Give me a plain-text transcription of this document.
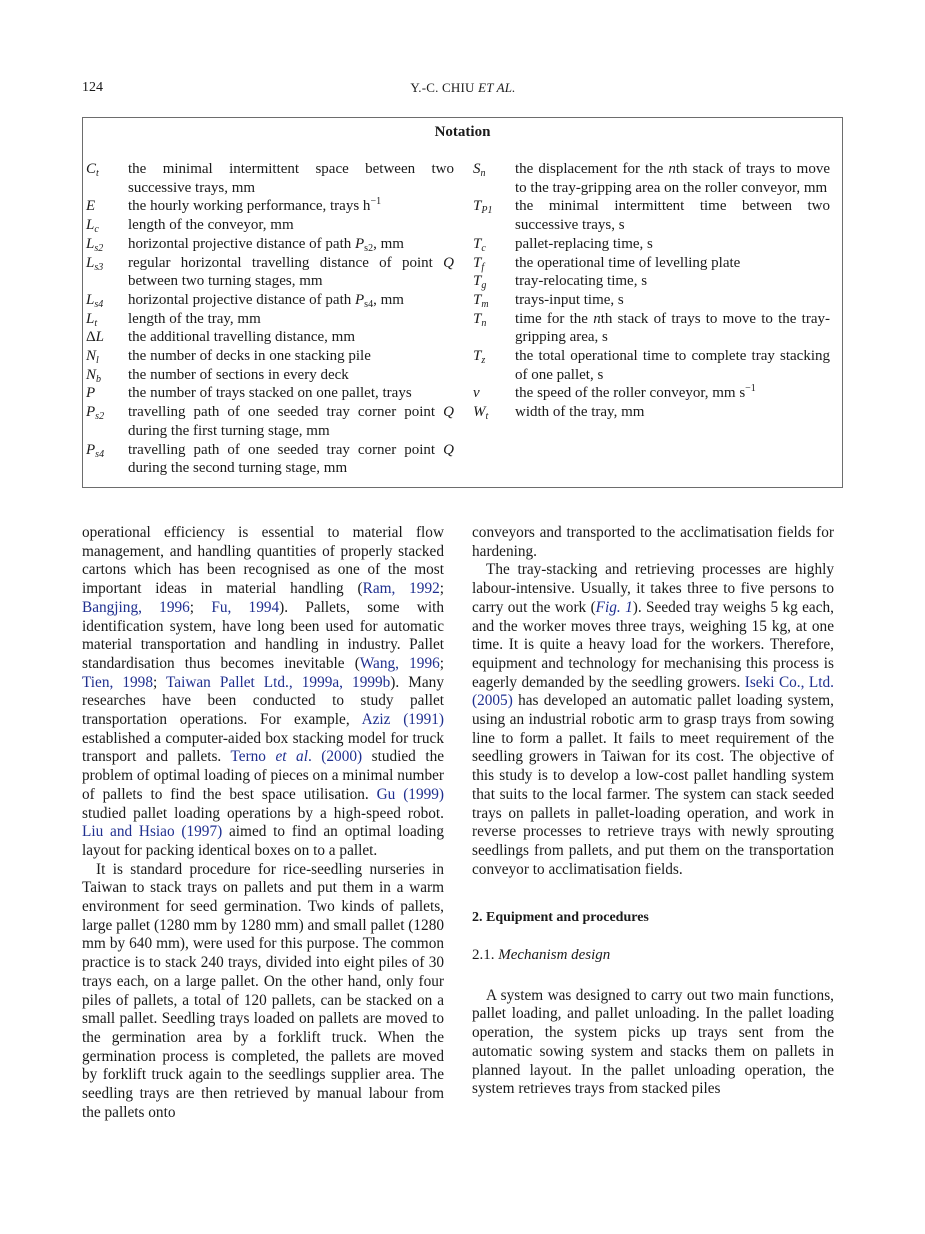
124	Y.-C. CHIU ET AL.
Notation
$C_t$	the minimal intermittent space between two successive trays, mm
E	the hourly working performance, trays $h^{-1}$
$L_c$	length of the conveyor, mm
$L_{s2}$	horizontal projective distance of path $P_{s2}$, mm
$L_{s3}$	regular horizontal travelling distance of point Q between two turning stages, mm
$L_{s4}$	horizontal projective distance of path $P_{s4}$, mm
$L_t$	length of the tray, mm
ΔL	the additional travelling distance, mm
$N_l$	the number of decks in one stacking pile
$N_b$	the number of sections in every deck
P	the number of trays stacked on one pallet, trays
$P_{s2}$	travelling path of one seeded tray corner point Q during the first turning stage, mm
$P_{s4}$	travelling path of one seeded tray corner point Q during the second turning stage, mm
$S_n$	the displacement for the nth stack of trays to move to the tray-gripping area on the roller conveyor, mm
$T_{P1}$	the minimal intermittent time between two successive trays, s
$T_c$	pallet-replacing time, s
$T_f$	the operational time of levelling plate
$T_g$	tray-relocating time, s
$T_m$	trays-input time, s
$T_n$	time for the nth stack of trays to move to the tray-gripping area, s
$T_z$	the total operational time to complete tray stacking of one pallet, s
v	the speed of the roller conveyor, mm $s^{-1}$
$W_t$	width of the tray, mm

operational efficiency is essential to material flow management, and handling quantities of properly stacked cartons which has been recognised as one of the most important ideas in material handling (Ram, 1992; Bangjing, 1996; Fu, 1994). Pallets, some with identification system, have long been used for automatic material transportation and handling in industry. Pallet standardisation thus becomes inevitable (Wang, 1996; Tien, 1998; Taiwan Pallet Ltd., 1999a, 1999b). Many researches have been conducted to study pallet transportation operations. For example, Aziz (1991) established a computer-aided box stacking model for truck transport and pallets. Terno et al. (2000) studied the problem of optimal loading of pieces on a minimal number of pallets to find the best space utilisation. Gu (1999) studied pallet loading operations by a high-speed robot. Liu and Hsiao (1997) aimed to find an optimal loading layout for packing identical boxes on to a pallet.

It is standard procedure for rice-seedling nurseries in Taiwan to stack trays on pallets and put them in a warm environment for seed germination. Two kinds of pallets, large pallet (1280 mm by 1280 mm) and small pallet (1280 mm by 640 mm), were used for this purpose. The common practice is to stack 240 trays, divided into eight piles of 30 trays each, on a large pallet. On the other hand, only four piles of pallets, a total of 120 pallets, can be stacked on a small pallet. Seedling trays loaded on pallets are moved to the germination area by a forklift truck. When the germination process is completed, the pallets are moved by forklift truck again to the seedlings supplier area. The seedling trays are then retrieved by manual labour from the pallets onto

conveyors and transported to the acclimatisation fields for hardening.

The tray-stacking and retrieving processes are highly labour-intensive. Usually, it takes three to five persons to carry out the work (Fig. 1). Seeded tray weighs 5 kg each, and the worker moves three trays, weighing 15 kg, at one time. It is quite a heavy load for the workers. Therefore, equipment and technology for mechanising this process is eagerly demanded by the seedling growers. Iseki Co., Ltd. (2005) has developed an automatic pallet loading system, using an industrial robotic arm to grasp trays from sowing line to form a pallet. It fails to meet requirement of the seedling growers in Taiwan for its cost. The objective of this study is to develop a low-cost pallet handling system that suits to the local farmer. The system can stack seeded trays on pallets in pallet-loading operation, and work in reverse processes to retrieve trays with newly sprouting seedlings from pallets, and put them on the transportation conveyor to acclimatisation fields.

2. Equipment and procedures

2.1. Mechanism design

A system was designed to carry out two main functions, pallet loading, and pallet unloading. In the pallet loading operation, the system picks up trays sent from the automatic sowing system and stacks them on pallets in planned layout. In the pallet unloading operation, the system retrieves trays from stacked piles
